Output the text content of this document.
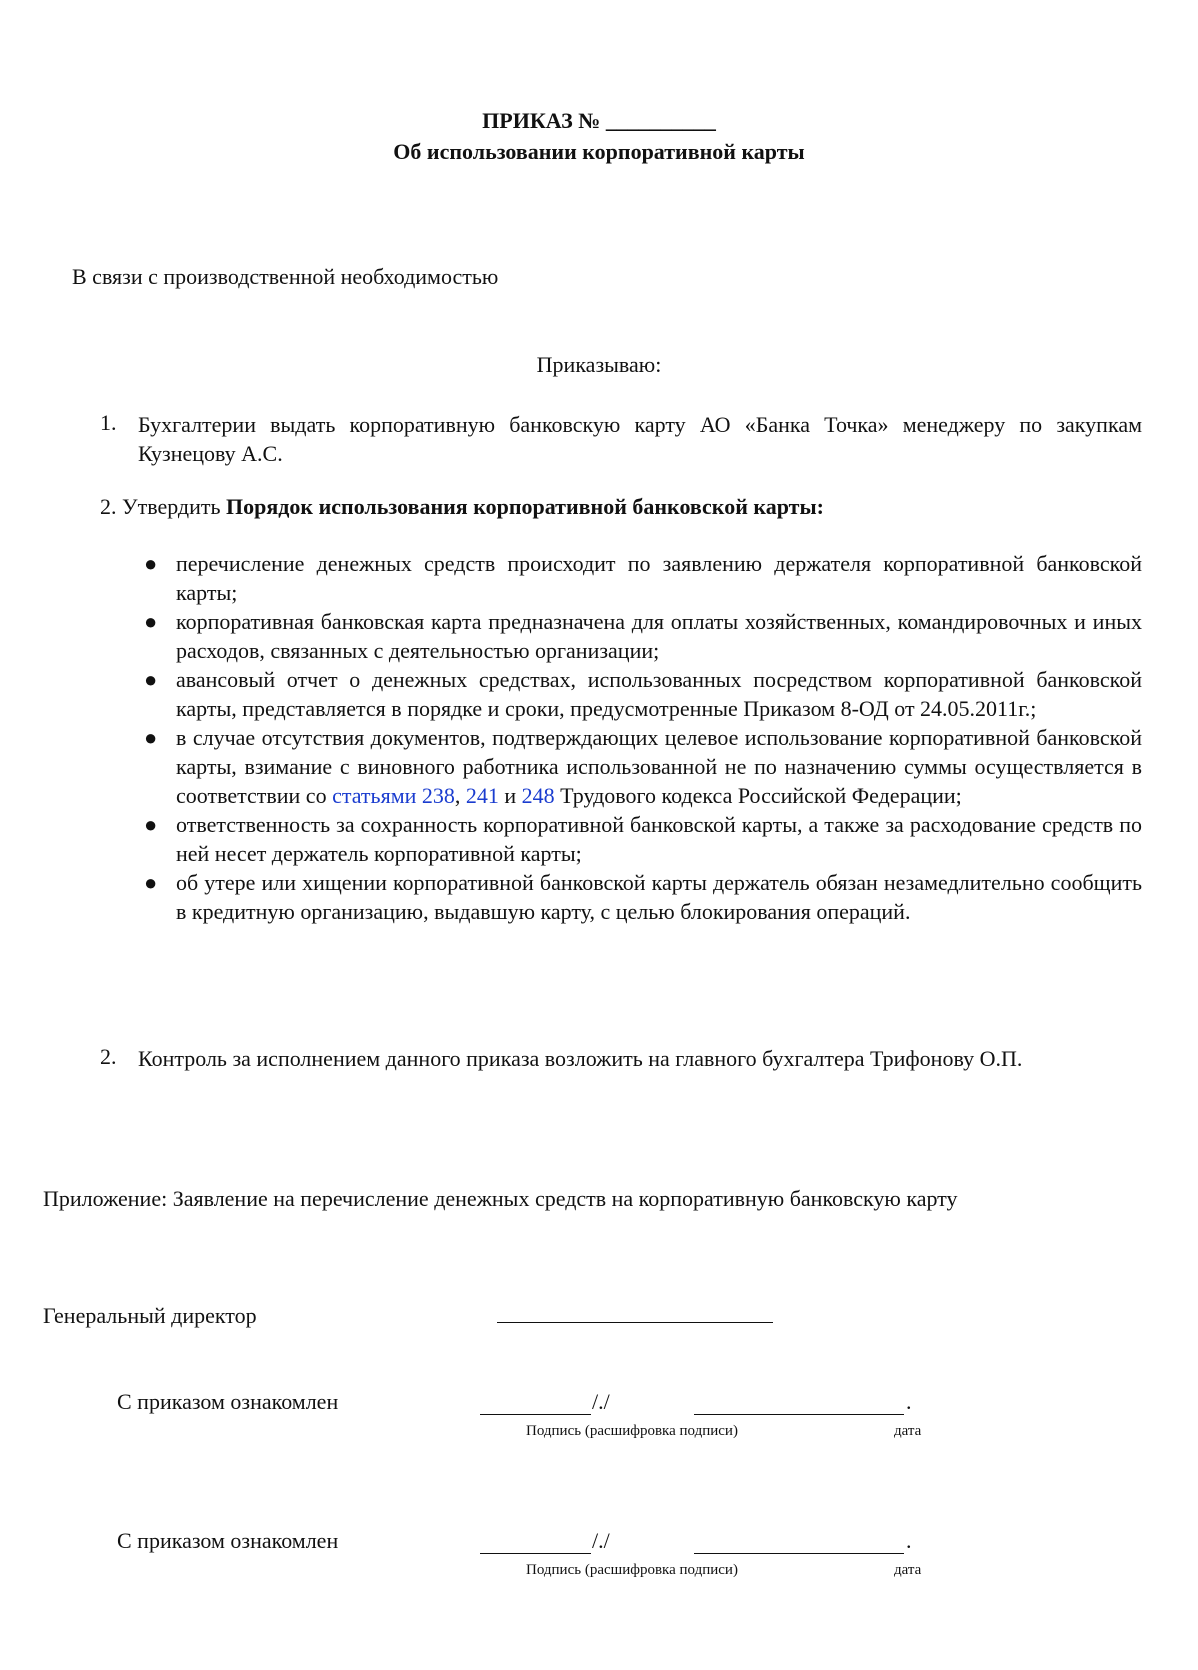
ПРИКАЗ № __________
Об использовании корпоративной карты
В связи с производственной необходимостью
Приказываю:
1. Бухгалтерии выдать корпоративную банковскую карту АО «Банка Точка» менеджеру по закупкам Кузнецову А.С.
2. Утвердить Порядок использования корпоративной банковской карты:
● перечисление денежных средств происходит по заявлению держателя корпоративной банковской карты;
● корпоративная банковская карта предназначена для оплаты хозяйственных, командировочных и иных расходов, связанных с деятельностью организации;
● авансовый отчет о денежных средствах, использованных посредством корпоративной банковской карты, представляется в порядке и сроки, предусмотренные Приказом 8-ОД от 24.05.2011г.;
● в случае отсутствия документов, подтверждающих целевое использование корпоративной банковской карты, взимание с виновного работника использованной не по назначению суммы осуществляется в соответствии со статьями 238, 241 и 248 Трудового кодекса Российской Федерации;
● ответственность за сохранность корпоративной банковской карты, а также за расходование средств по ней несет держатель корпоративной карты;
● об утере или хищении корпоративной банковской карты держатель обязан незамедлительно сообщить в кредитную организацию, выдавшую карту, с целью блокирования операций.
2. Контроль за исполнением данного приказа возложить на главного бухгалтера Трифонову О.П.
Приложение: Заявление на перечисление денежных средств на корпоративную банковскую карту
Генеральный директор
С приказом ознакомлен	/./	.
Подпись (расшифровка подписи)	дата
С приказом ознакомлен	/./	.
Подпись (расшифровка подписи)	дата
